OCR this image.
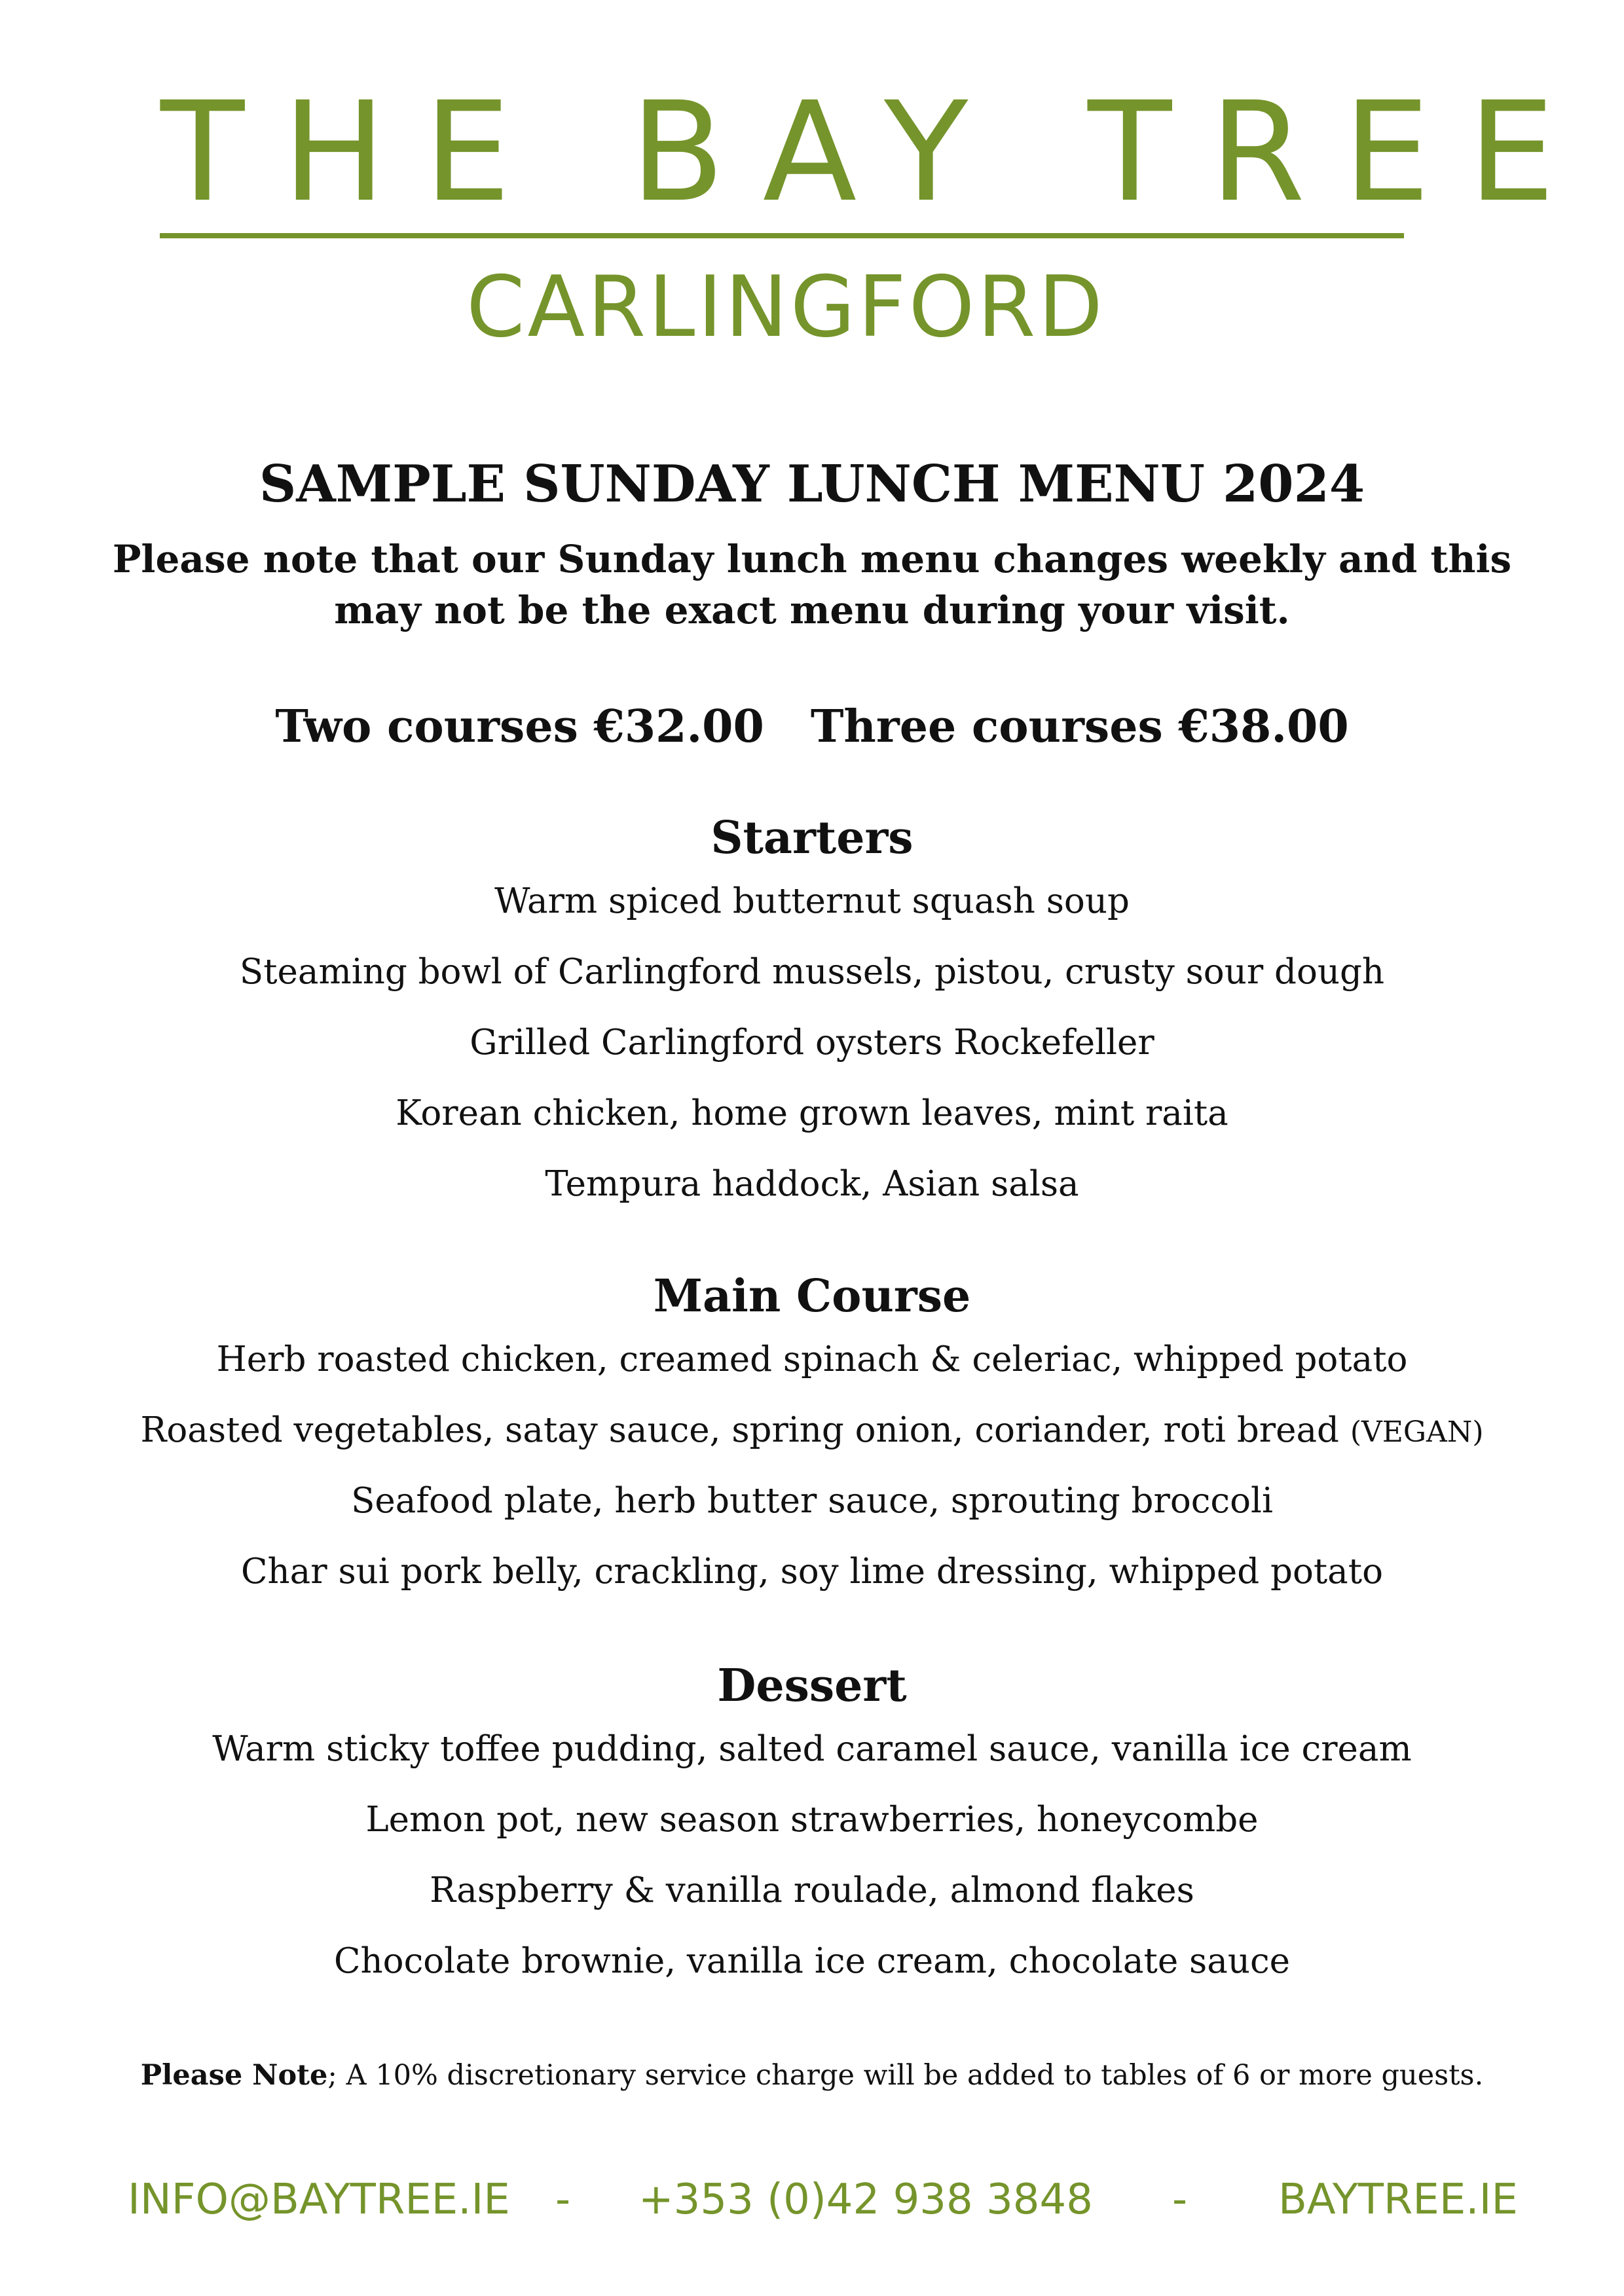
THE BAY TREE
CARLINGFORD
SAMPLE SUNDAY LUNCH MENU 2024
Please note that our Sunday lunch menu changes weekly and this
may not be the exact menu during your visit.
Two courses €32.00 Three courses €38.00
Starters
Warm spiced butternut squash soup
Steaming bowl of Carlingford mussels, pistou, crusty sour dough
Grilled Carlingford oysters Rockefeller
Korean chicken, home grown leaves, mint raita
Tempura haddock, Asian salsa
Main Course
Herb roasted chicken, creamed spinach & celeriac, whipped potato
Roasted vegetables, satay sauce, spring onion, coriander, roti bread (VEGAN)
Seafood plate, herb butter sauce, sprouting broccoli
Char sui pork belly, crackling, soy lime dressing, whipped potato
Dessert
Warm sticky toffee pudding, salted caramel sauce, vanilla ice cream
Lemon pot, new season strawberries, honeycombe
Raspberry & vanilla roulade, almond flakes
Chocolate brownie, vanilla ice cream, chocolate sauce
Please Note; A 10% discretionary service charge will be added to tables of 6 or more guests.
INFO@BAYTREE.IE - +353 (0)42 938 3848 - BAYTREE.IE
